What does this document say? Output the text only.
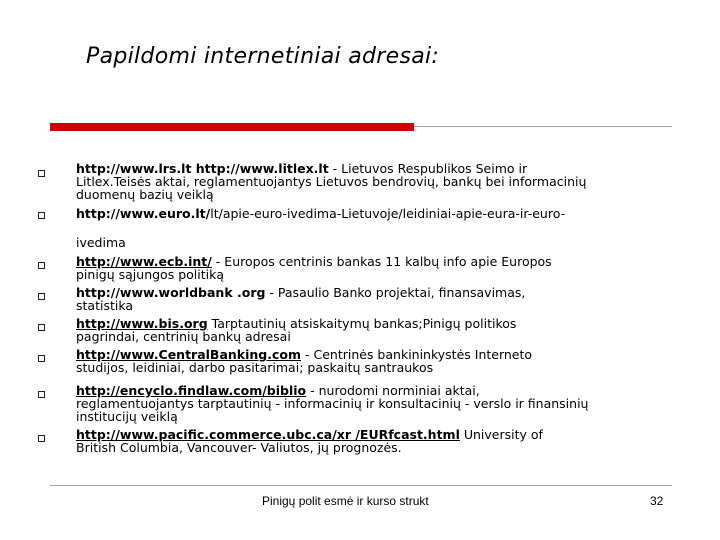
Papildomi internetiniai adresai:
http://www.lrs.lt http://www.litlex.lt - Lietuvos Respublikos Seimo ir
Litlex.Teisės aktai, reglamentuojantys Lietuvos bendrovių, bankų bei informacinių
duomenų bazių veiklą
http://www.euro.lt/lt/apie-euro-ivedima-Lietuvoje/leidiniai-apie-eura-ir-euro-
ivedima
http://www.ecb.int/ - Europos centrinis bankas 11 kalbų info apie Europos
pinigų sąjungos politiką
http://www.worldbank .org - Pasaulio Banko projektai, finansavimas,
statistika
http://www.bis.org Tarptautinių atsiskaitymų bankas;Pinigų politikos
pagrindai, centrinių bankų adresai
http://www.CentralBanking.com - Centrinės bankininkystės Interneto
studijos, leidiniai, darbo pasitarimai; paskaitų santraukos
http://encyclo.findlaw.com/biblio - nurodomi norminiai aktai,
reglamentuojantys tarptautinių - informacinių ir konsultacinių - verslo ir finansinių
institucijų veiklą
http://www.pacific.commerce.ubc.ca/xr /EURfcast.html University of
British Columbia, Vancouver- Valiutos, jų prognozės.
Pinigų polit esmė ir kurso strukt	32
